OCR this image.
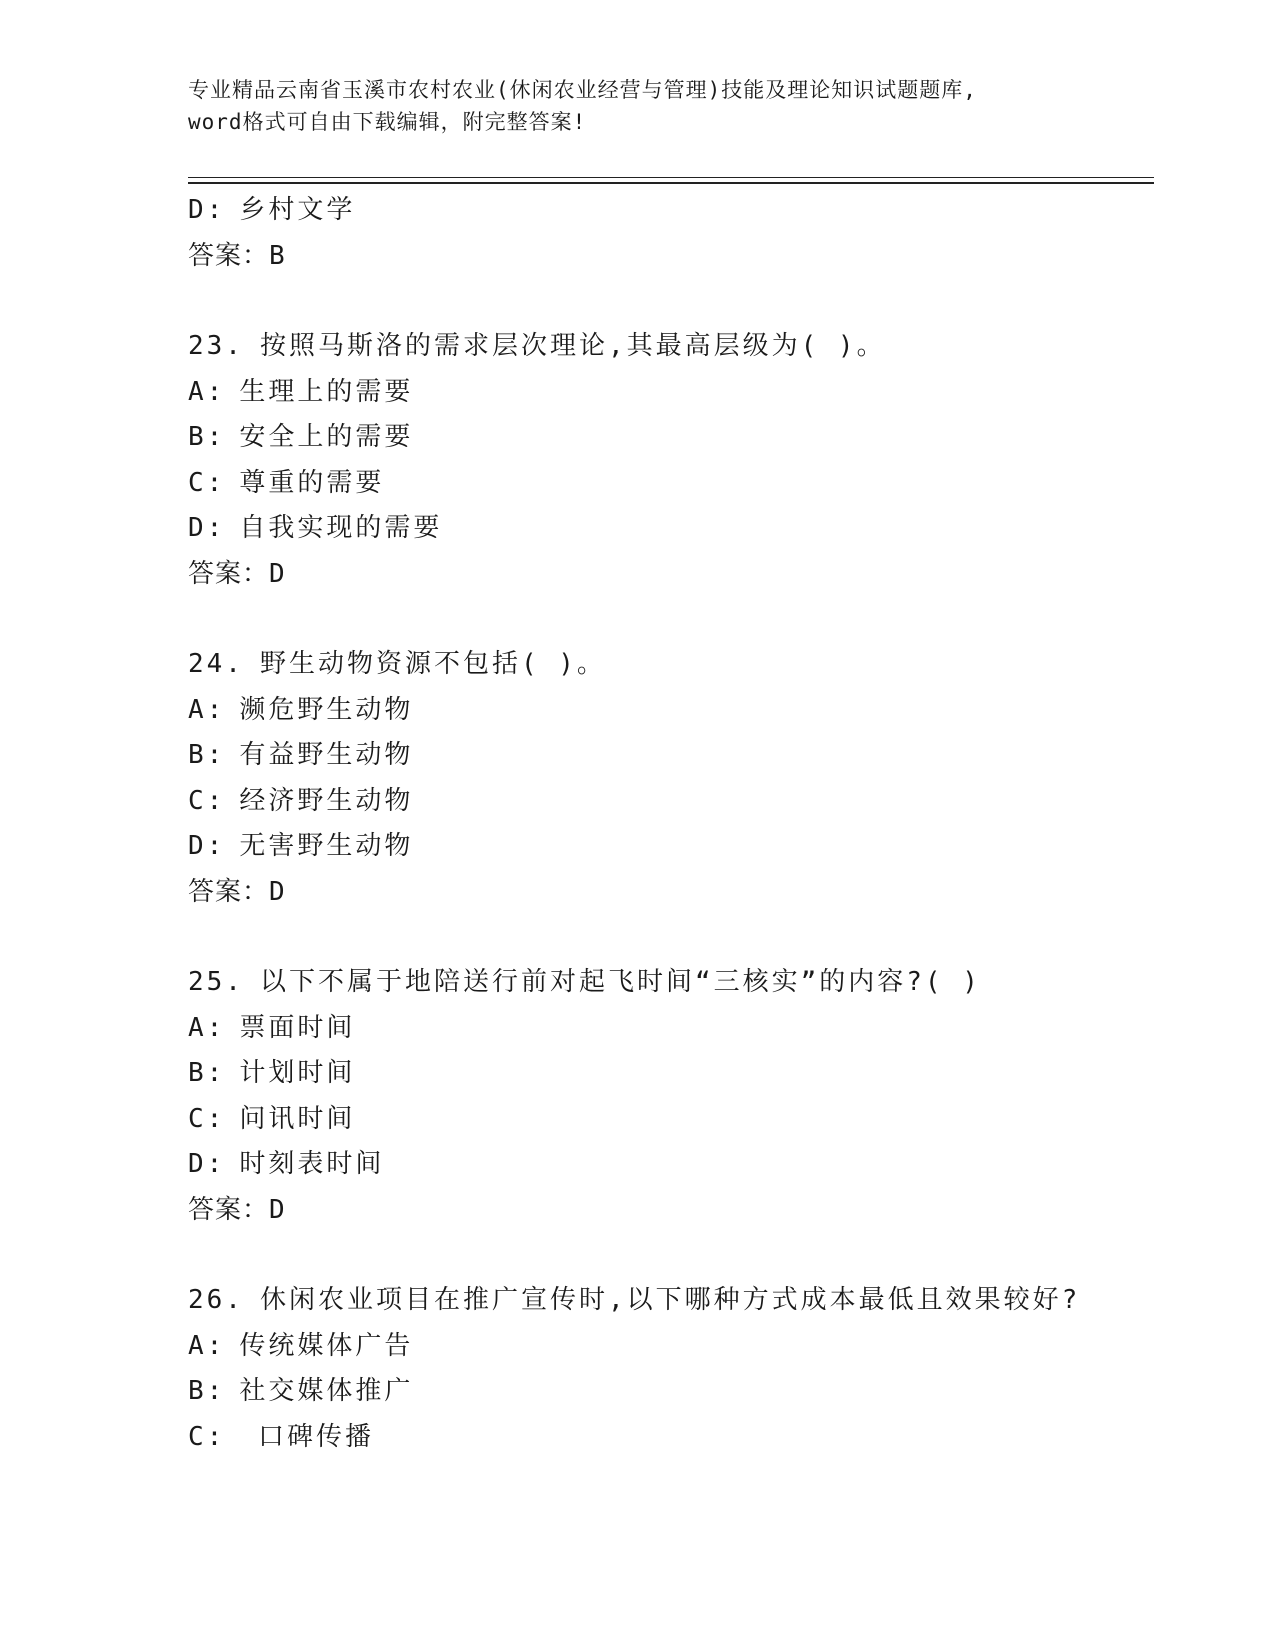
专业精品云南省玉溪市农村农业(休闲农业经营与管理)技能及理论知识试题题库,
word格式可自由下载编辑，附完整答案!
D: 乡村文学
答案：B
23. 按照马斯洛的需求层次理论,其最高层级为( )。
A: 生理上的需要
B: 安全上的需要
C: 尊重的需要
D: 自我实现的需要
答案：D
24. 野生动物资源不包括( )。
A: 濒危野生动物
B: 有益野生动物
C: 经济野生动物
D: 无害野生动物
答案：D
25. 以下不属于地陪送行前对起飞时间“三核实”的内容?( )
A: 票面时间
B: 计划时间
C: 问讯时间
D: 时刻表时间
答案：D
26. 休闲农业项目在推广宣传时,以下哪种方式成本最低且效果较好?
A: 传统媒体广告
B: 社交媒体推广
C: 口碑传播
